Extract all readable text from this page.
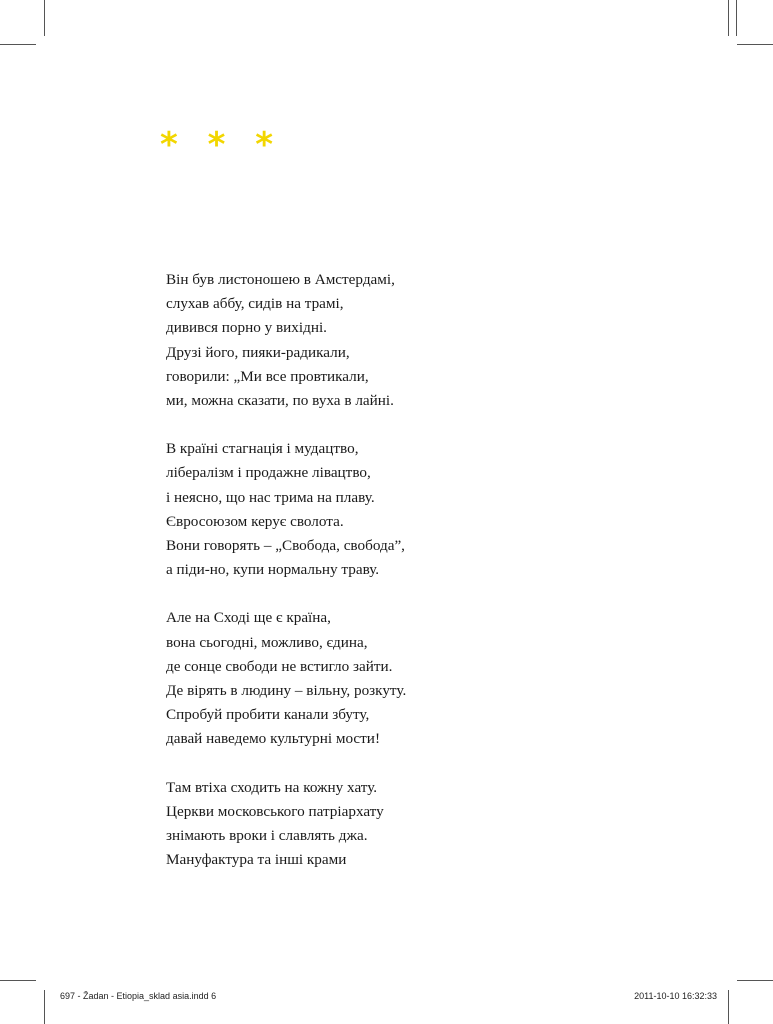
* * *
Він був листоношею в Амстердамі,
слухав аббу, сидів на трамі,
дивився порно у вихідні.
Друзі його, пияки-радикали,
говорили: „Ми все провтикали,
ми, можна сказати, по вуха в лайні.
В країні стагнація і мудацтво,
лібералізм і продажне лівацтво,
і неясно, що нас трима на плаву.
Євросоюзом керує сволота.
Вони говорять – „Свобода, свобода”,
а піди-но, купи нормальну траву.
Але на Сході ще є країна,
вона сьогодні, можливо, єдина,
де сонце свободи не встигло зайти.
Де вірять в людину – вільну, розкуту.
Спробуй пробити канали збуту,
давай наведемо культурні мости!
Там втіха сходить на кожну хату.
Церкви московського патріархату
знімають вроки і славлять джа.
Мануфактура та інші крами
697 - Žadan - Etiopia_sklad asia.indd 6	2011-10-10 16:32:33
